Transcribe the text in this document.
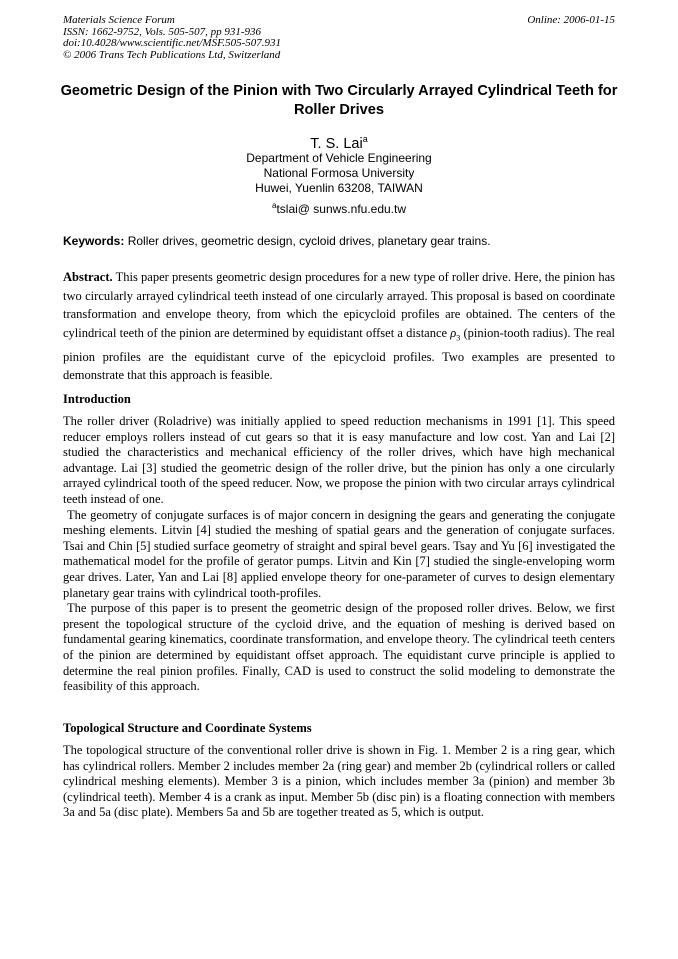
Materials Science Forum
ISSN: 1662-9752, Vols. 505-507, pp 931-936
doi:10.4028/www.scientific.net/MSF.505-507.931
© 2006 Trans Tech Publications Ltd, Switzerland
Online: 2006-01-15
Geometric Design of the Pinion with Two Circularly Arrayed Cylindrical Teeth for Roller Drives
T. S. Lai$^a$
Department of Vehicle Engineering
National Formosa University
Huwei, Yuenlin 63208, TAIWAN
$^a$tslai@ sunws.nfu.edu.tw
Keywords: Roller drives, geometric design, cycloid drives, planetary gear trains.
Abstract. This paper presents geometric design procedures for a new type of roller drive. Here, the pinion has two circularly arrayed cylindrical teeth instead of one circularly arrayed. This proposal is based on coordinate transformation and envelope theory, from which the epicycloid profiles are obtained. The centers of the cylindrical teeth of the pinion are determined by equidistant offset a distance $\rho_3$ (pinion-tooth radius). The real pinion profiles are the equidistant curve of the epicycloid profiles. Two examples are presented to demonstrate that this approach is feasible.
Introduction

The roller driver (Roladrive) was initially applied to speed reduction mechanisms in 1991 [1]. This speed reducer employs rollers instead of cut gears so that it is easy manufacture and low cost. Yan and Lai [2] studied the characteristics and mechanical efficiency of the roller drives, which have high mechanical advantage. Lai [3] studied the geometric design of the roller drive, but the pinion has only a one circularly arrayed cylindrical tooth of the speed reducer. Now, we propose the pinion with two circular arrays cylindrical teeth instead of one.

The geometry of conjugate surfaces is of major concern in designing the gears and generating the conjugate meshing elements. Litvin [4] studied the meshing of spatial gears and the generation of conjugate surfaces. Tsai and Chin [5] studied surface geometry of straight and spiral bevel gears. Tsay and Yu [6] investigated the mathematical model for the profile of gerator pumps. Litvin and Kin [7] studied the single-enveloping worm gear drives. Later, Yan and Lai [8] applied envelope theory for one-parameter of curves to design elementary planetary gear trains with cylindrical tooth-profiles.

The purpose of this paper is to present the geometric design of the proposed roller drives. Below, we first present the topological structure of the cycloid drive, and the equation of meshing is derived based on fundamental gearing kinematics, coordinate transformation, and envelope theory. The cylindrical teeth centers of the pinion are determined by equidistant offset approach. The equidistant curve principle is applied to determine the real pinion profiles. Finally, CAD is used to construct the solid modeling to demonstrate the feasibility of this approach.

Topological Structure and Coordinate Systems

The topological structure of the conventional roller drive is shown in Fig. 1. Member 2 is a ring gear, which has cylindrical rollers. Member 2 includes member 2a (ring gear) and member 2b (cylindrical rollers or called cylindrical meshing elements). Member 3 is a pinion, which includes member 3a (pinion) and member 3b (cylindrical teeth). Member 4 is a crank as input. Member 5b (disc pin) is a floating connection with members 3a and 5a (disc plate). Members 5a and 5b are together treated as 5, which is output.
